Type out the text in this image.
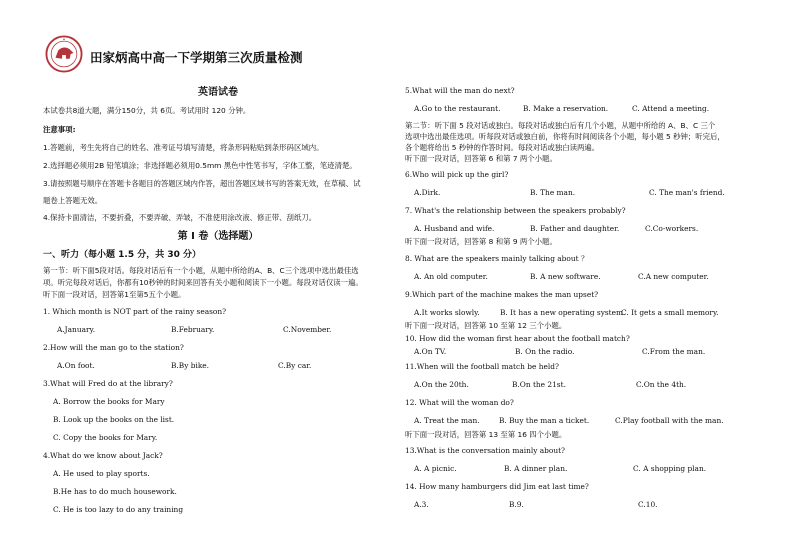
田家炳高中高一下学期第三次质量检测
英语试卷
本试卷共8道大题，满分150分，共 6页。考试用时 120 分钟。
注意事项:
1.答题前，考生先将自己的姓名、准考证号填写清楚，将条形码粘贴到条形码区域内。
2.选择题必须用2B 铅笔填涂；非选择题必须用0.5mm 黑色中性笔书写，字体工整，笔迹清楚。
3.请按照题号顺序在答题卡各题目的答题区域内作答，超出答题区域书写的答案无效，在草稿、试
题卷上答题无效。
4.保持卡面清洁，不要折叠，不要弄破、弄皱，不准使用涂改液、修正带、刮纸刀。
第 I 卷（选择题）
一、听力（每小题 1.5 分，共 30 分）
第一节：听下面5段对话。每段对话后有一个小题，从题中所给的A、B、C三个选项中选出最佳选
项。听完每段对话后，你都有10秒钟的时间来回答有关小题和阅读下一小题。每段对话仅读一遍。
听下面一段对话，回答第1至第5五个小题。
1. Which month is NOT part of the rainy season?
A.January.	B.February.	C.November.
2.How will the man go to the station?
A.On foot.	B.By bike.	C.By car.
3.What will Fred do at the library?
A. Borrow the books for Mary
B. Look up the books on the list.
C. Copy the books for Mary.
4.What do we know about Jack?
A. He used to play sports.
B.He has to do much housework.
C. He is too lazy to do any training
5.What will the man do next?
A.Go to the restaurant.	B. Make a reservation.	C. Attend a meeting.
第二节：听下面 5 段对话或独白。每段对话或独白后有几个小题，从题中所给的 A、B、C 三个
选项中选出最佳选项。听每段对话或独白前，你将有时间阅读各个小题，每小题 5 秒钟；听完后，
各个题将给出 5 秒钟的作答时间。每段对话或独白读两遍。
听下面一段对话，回答第 6 和第 7 两个小题。
6.Who will pick up the girl?
A.Dirk.	B. The man.	C. The man's friend.
7. What's the relationship between the speakers probably?
A. Husband and wife.	B. Father and daughter.	C.Co-workers.
听下面一段对话，回答第 8 和第 9 两个小题。
8. What are the speakers mainly talking about ？
A. An old computer.	B. A new software.	C.A new computer.
9.Which part of the machine makes the man upset?
A.It works slowly.	B. It has a new operating system.
C. It gets a small memory.
听下面一段对话，回答第 10 至第 12 三个小题。
10. How did the woman first hear about the football match?
A.On TV.	B. On the radio.	C.From the man.
11.When will the football match be held?
A.On the 20th.	B.On the 21st.	C.On the 4th.
12. What will the woman do?
A. Treat the man.	B. Buy the man a ticket.	C.Play football with the man.
听下面一段对话，回答第 13 至第 16 四个小题。
13.What is the conversation mainly about?
A. A picnic.	B. A dinner plan.	C. A shopping plan.
14. How many hamburgers did Jim eat last time?
A.3.	B.9.	C.10.
